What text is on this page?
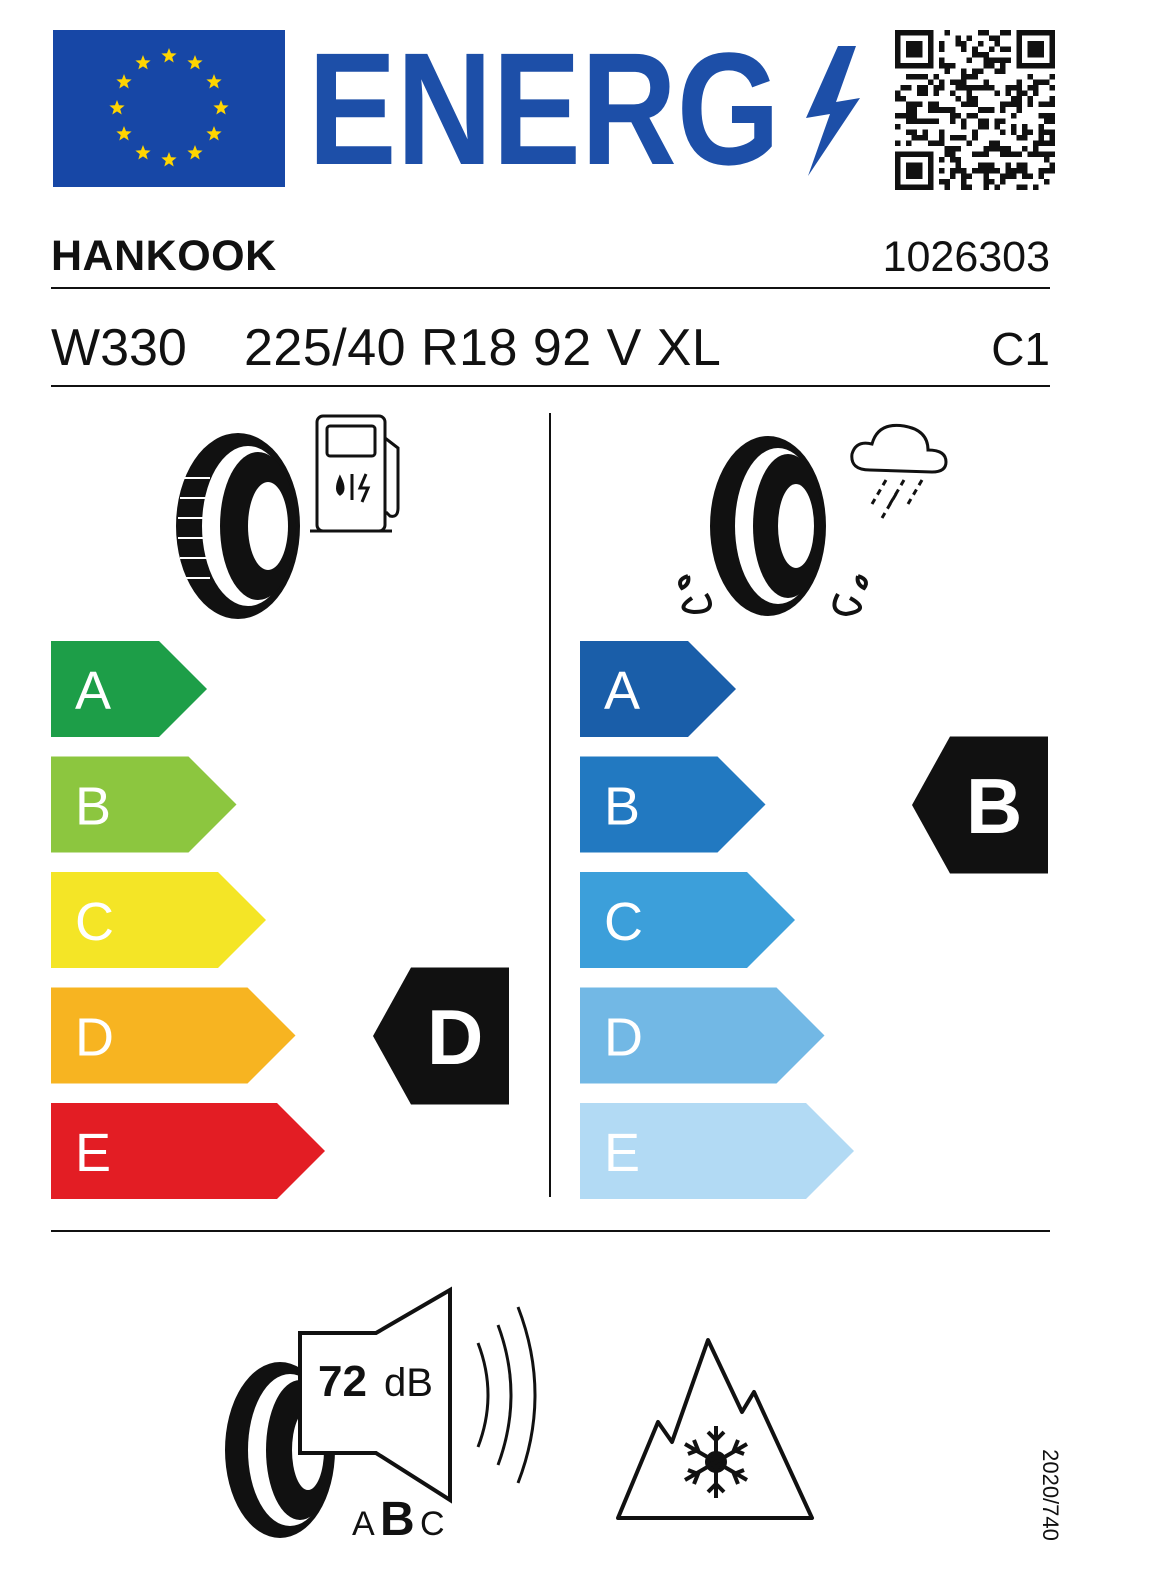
ENERG
HANKOOK	1026303
W330 225/40 R18 92 V XL	C1
A
B
C
D
E
A
B
C
D
E
D
B
72 dB
A B C	2020/740
